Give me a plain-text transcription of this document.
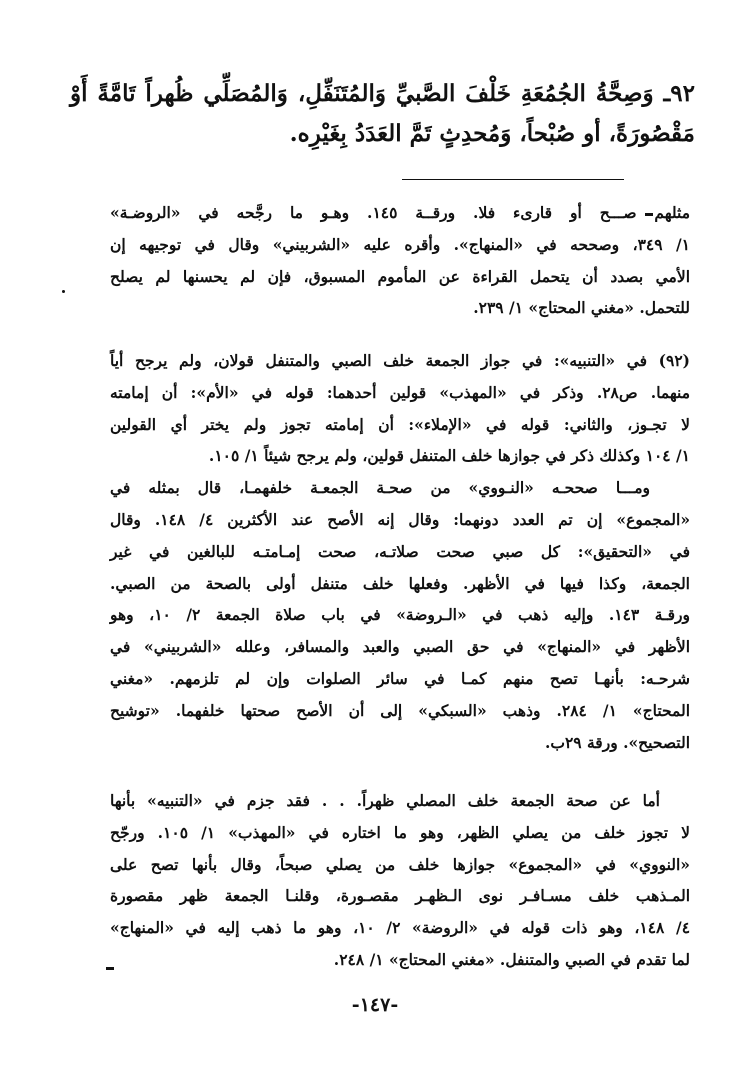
٩٢ـ وَصِحَّةُ الجُمُعَةِ خَلْفَ الصَّبيِّ وَالمُتَنَفِّلِ، وَالمُصَلِّي ظُهراً تَامَّةً أَوْ مَقْصُورَةً، أو صُبْحاً، وَمُحدِثٍ تَمَّ العَدَدُ بِغَيْرِه.
مثلهم صـــح أو قارىء فلا. ورقــة ١٤٥. وهـو ما رجَّحه في «الروضـة»
١/ ٣٤٩، وصححه في «المنهاج». وأقره عليه «الشربيني» وقال في توجيهه إن
الأمي بصدد أن يتحمل القراءة عن المأموم المسبوق، فإن لم يحسنها لم يصلح
للتحمل. «مغني المحتاج» ١/ ٢٣٩.
(٩٢) في «التنبيه»: في جواز الجمعة خلف الصبي والمتنفل قولان، ولم يرجح أياً
منهما. ص٢٨. وذكر في «المهذب» قولين أحدهما: قوله في «الأم»: أن إمامته
لا تجـوز، والثاني: قوله في «الإملاء»: أن إمامته تجوز ولم يختر أي القولين
١/ ١٠٤ وكذلك ذكر في جوازها خلف المتنفل قولين، ولم يرجح شيئاً ١/ ١٠٥.
ومـــا صححـه «النـووي» من صحـة الجمعـة خلفهمـا، قال بمثله في
«المجموع» إن تم العدد دونهما: وقال إنه الأصح عند الأكثرين ٤/ ١٤٨. وقال
في «التحقيق»: كل صبي صحت صلاتـه، صحت إمـامتـه للبالغين في غير
الجمعة، وكذا فيها في الأظهر. وفعلها خلف متنفل أولى بالصحة من الصبي.
ورقـة ١٤٣. وإليه ذهب في «الـروضة» في باب صلاة الجمعة ٢/ ١٠، وهو
الأظهر في «المنهاج» في حق الصبي والعبد والمسافر، وعلله «الشربيني» في
شرحـه: بأنهـا تصح منهم كمـا في سائر الصلوات وإن لم تلزمهم. «مغني
المحتاج» ١/ ٢٨٤. وذهب «السبكي» إلى أن الأصح صحتها خلفهما. «توشيح
التصحيح». ورقة ٢٩ب.
أما عن صحة الجمعة خلف المصلي ظهراً. . . فقد جزم في «التنبيه» بأنها
لا تجوز خلف من يصلي الظهر، وهو ما اختاره في «المهذب» ١/ ١٠٥. ورجّح
«النووي» في «المجموع» جوازها خلف من يصلي صبحاً، وقال بأنها تصح على
المـذهب خلف مسـافـر نوى الـظهـر مقصـورة، وقلنـا الجمعة ظهر مقصورة
٤/ ١٤٨، وهو ذات قوله في «الروضة» ٢/ ١٠، وهو ما ذهب إليه في «المنهاج»
لما تقدم في الصبي والمتنفل. «مغني المحتاج» ١/ ٢٤٨.
-١٤٧-
